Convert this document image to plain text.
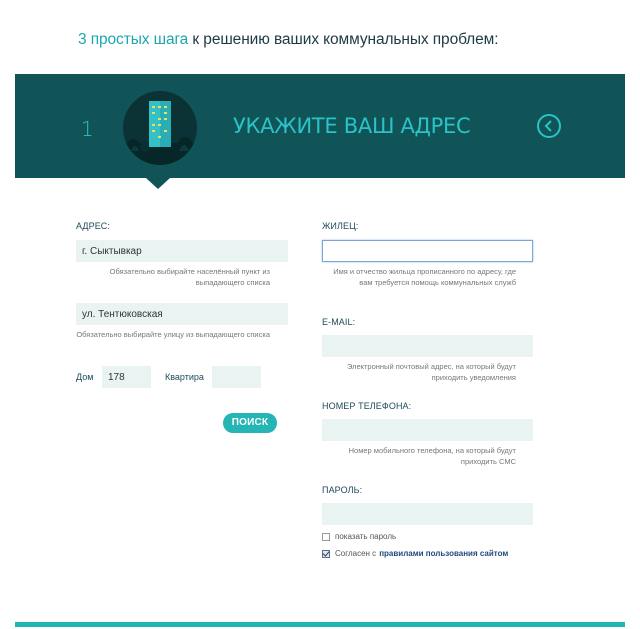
3 простых шага к решению ваших коммунальных проблем:
1	УКАЖИТЕ ВАШ АДРЕС
АДРЕС:
г. Сыктывкар
Обязательно выбирайте населённый пункт из выпадающего списка
ул. Тентюковская
Обязательно выбирайте улицу из выпадающего списка
Дом
178	Квартира
ПОИСК
ЖИЛЕЦ:
Имя и отчество жильца прописанного по адресу, где вам требуется помощь коммунальных служб
E-MAIL:
Электронный почтовый адрес, на который будут приходить уведомления
НОМЕР ТЕЛЕФОНА:
Номер мобильного телефона, на который будут приходить СМС
ПАРОЛЬ:
показать пароль
Согласен с правилами пользования сайтом
